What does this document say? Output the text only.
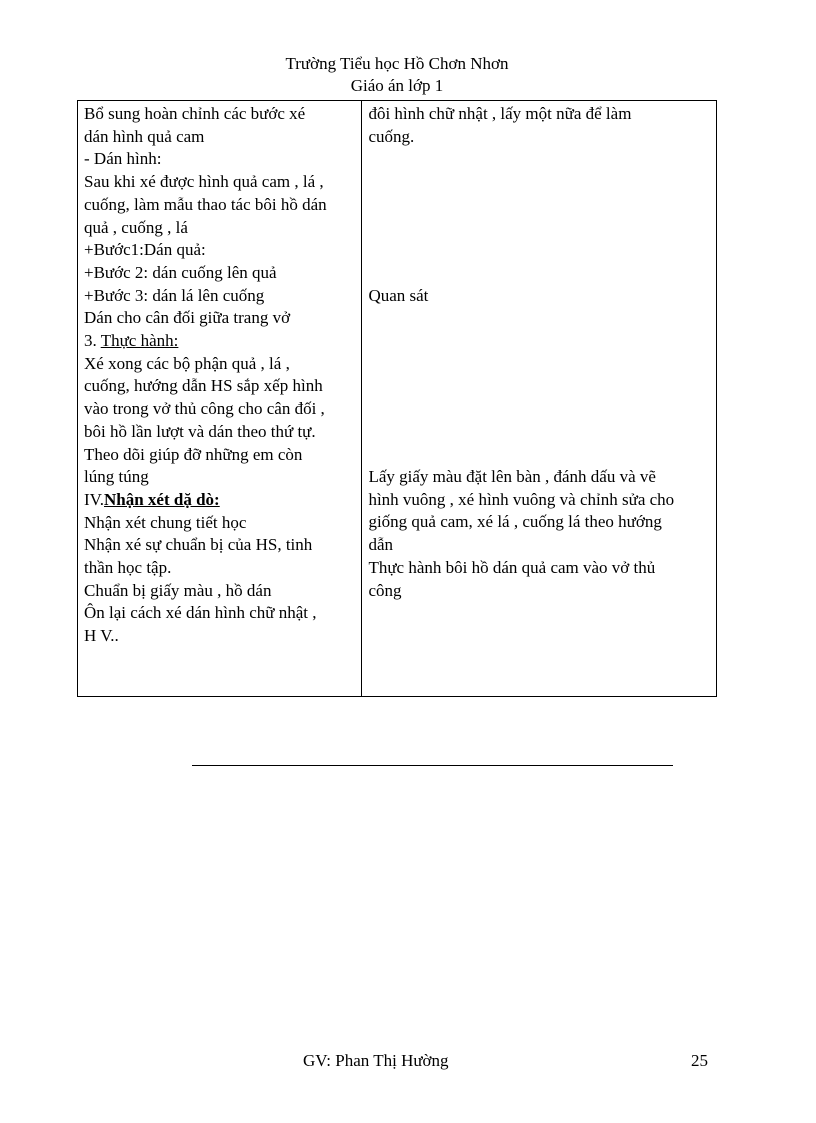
Trường Tiểu học Hồ Chơn Nhơn
Giáo án lớp 1
Bổ sung hoàn chỉnh các bước xé
dán hình quả cam
- Dán hình:
Sau khi xé được hình quả cam , lá ,
cuống, làm mẫu thao tác bôi hồ dán
quả , cuống , lá
+Bước1:Dán quả:
+Bước 2: dán cuống lên quả
+Bước 3: dán lá lên cuống
Dán cho cân đối giữa trang vở
3. Thực hành:
Xé xong các bộ phận quả , lá ,
cuống, hướng dẫn HS sắp xếp hình
vào trong vở thủ công cho cân đối ,
bôi hồ lần lượt và dán theo thứ tự.
Theo dõi giúp đỡ những em còn
lúng túng
IV.Nhận xét dặ dò:
Nhận xét chung tiết học
Nhận xé sự chuẩn bị của HS, tinh
thần học tập.
Chuẩn bị giấy màu , hồ dán
Ôn lại cách xé dán hình chữ nhật ,
H V..

đôi hình chữ nhật , lấy một nữa để làm
cuống.
Quan sát
Lấy giấy màu đặt lên bàn , đánh dấu và vẽ
hình vuông , xé hình vuông và chỉnh sửa cho
giống quả cam, xé lá , cuống lá theo hướng
dẫn
Thực hành bôi hồ dán quả cam vào vở thủ
công
GV: Phan Thị Hường	25
